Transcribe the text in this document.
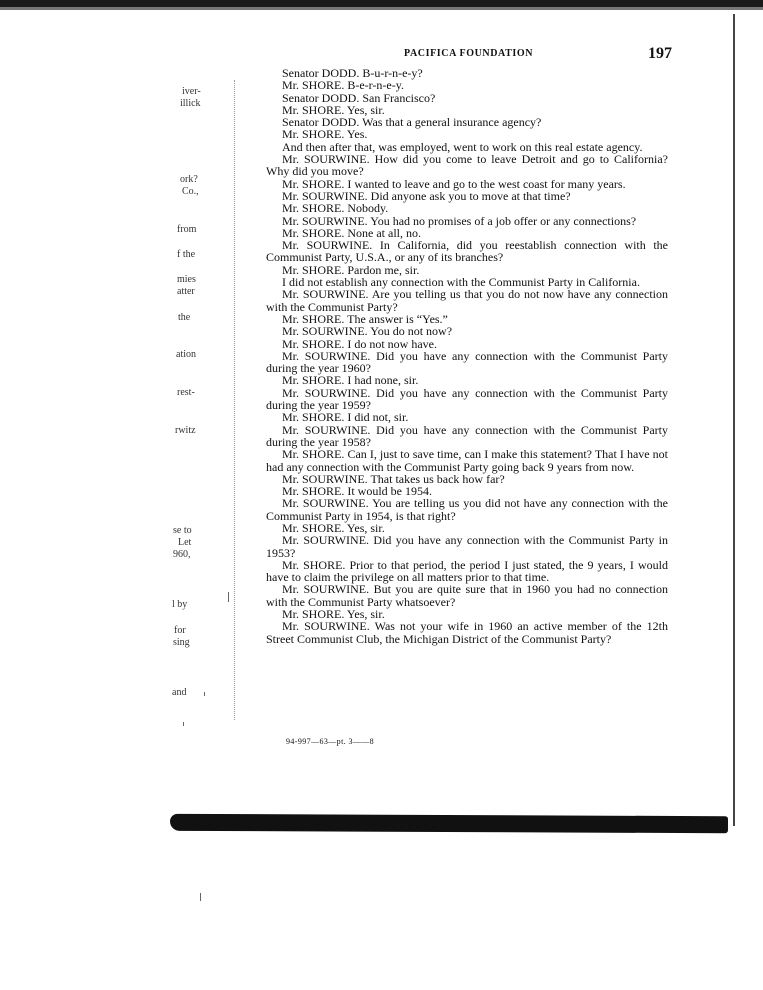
PACIFICA FOUNDATION	197
iver-
illick
ork?
Co.,
from
f the
mies
atter
the
ation
rest-
rwitz
se to
Let
960,
l by
for
sing
and

Senator DODD. B-u-r-n-e-y?

Mr. SHORE. B-e-r-n-e-y.

Senator DODD. San Francisco?

Mr. SHORE. Yes, sir.

Senator DODD. Was that a general insurance agency?

Mr. SHORE. Yes.

And then after that, was employed, went to work on this real estate agency.

Mr. SOURWINE. How did you come to leave Detroit and go to California? Why did you move?

Mr. SHORE. I wanted to leave and go to the west coast for many years.

Mr. SOURWINE. Did anyone ask you to move at that time?

Mr. SHORE. Nobody.

Mr. SOURWINE. You had no promises of a job offer or any connections?

Mr. SHORE. None at all, no.

Mr. SOURWINE. In California, did you reestablish connection with the Communist Party, U.S.A., or any of its branches?

Mr. SHORE. Pardon me, sir.

I did not establish any connection with the Communist Party in California.

Mr. SOURWINE. Are you telling us that you do not now have any connection with the Communist Party?

Mr. SHORE. The answer is “Yes.”

Mr. SOURWINE. You do not now?

Mr. SHORE. I do not now have.

Mr. SOURWINE. Did you have any connection with the Communist Party during the year 1960?

Mr. SHORE. I had none, sir.

Mr. SOURWINE. Did you have any connection with the Communist Party during the year 1959?

Mr. SHORE. I did not, sir.

Mr. SOURWINE. Did you have any connection with the Communist Party during the year 1958?

Mr. SHORE. Can I, just to save time, can I make this statement? That I have not had any connection with the Communist Party going back 9 years from now.

Mr. SOURWINE. That takes us back how far?

Mr. SHORE. It would be 1954.

Mr. SOURWINE. You are telling us you did not have any connection with the Communist Party in 1954, is that right?

Mr. SHORE. Yes, sir.

Mr. SOURWINE. Did you have any connection with the Communist Party in 1953?

Mr. SHORE. Prior to that period, the period I just stated, the 9 years, I would have to claim the privilege on all matters prior to that time.

Mr. SOURWINE. But you are quite sure that in 1960 you had no connection with the Communist Party whatsoever?

Mr. SHORE. Yes, sir.

Mr. SOURWINE. Was not your wife in 1960 an active member of the 12th Street Communist Club, the Michigan District of the Communist Party?

94-997—63—pt. 3——8
